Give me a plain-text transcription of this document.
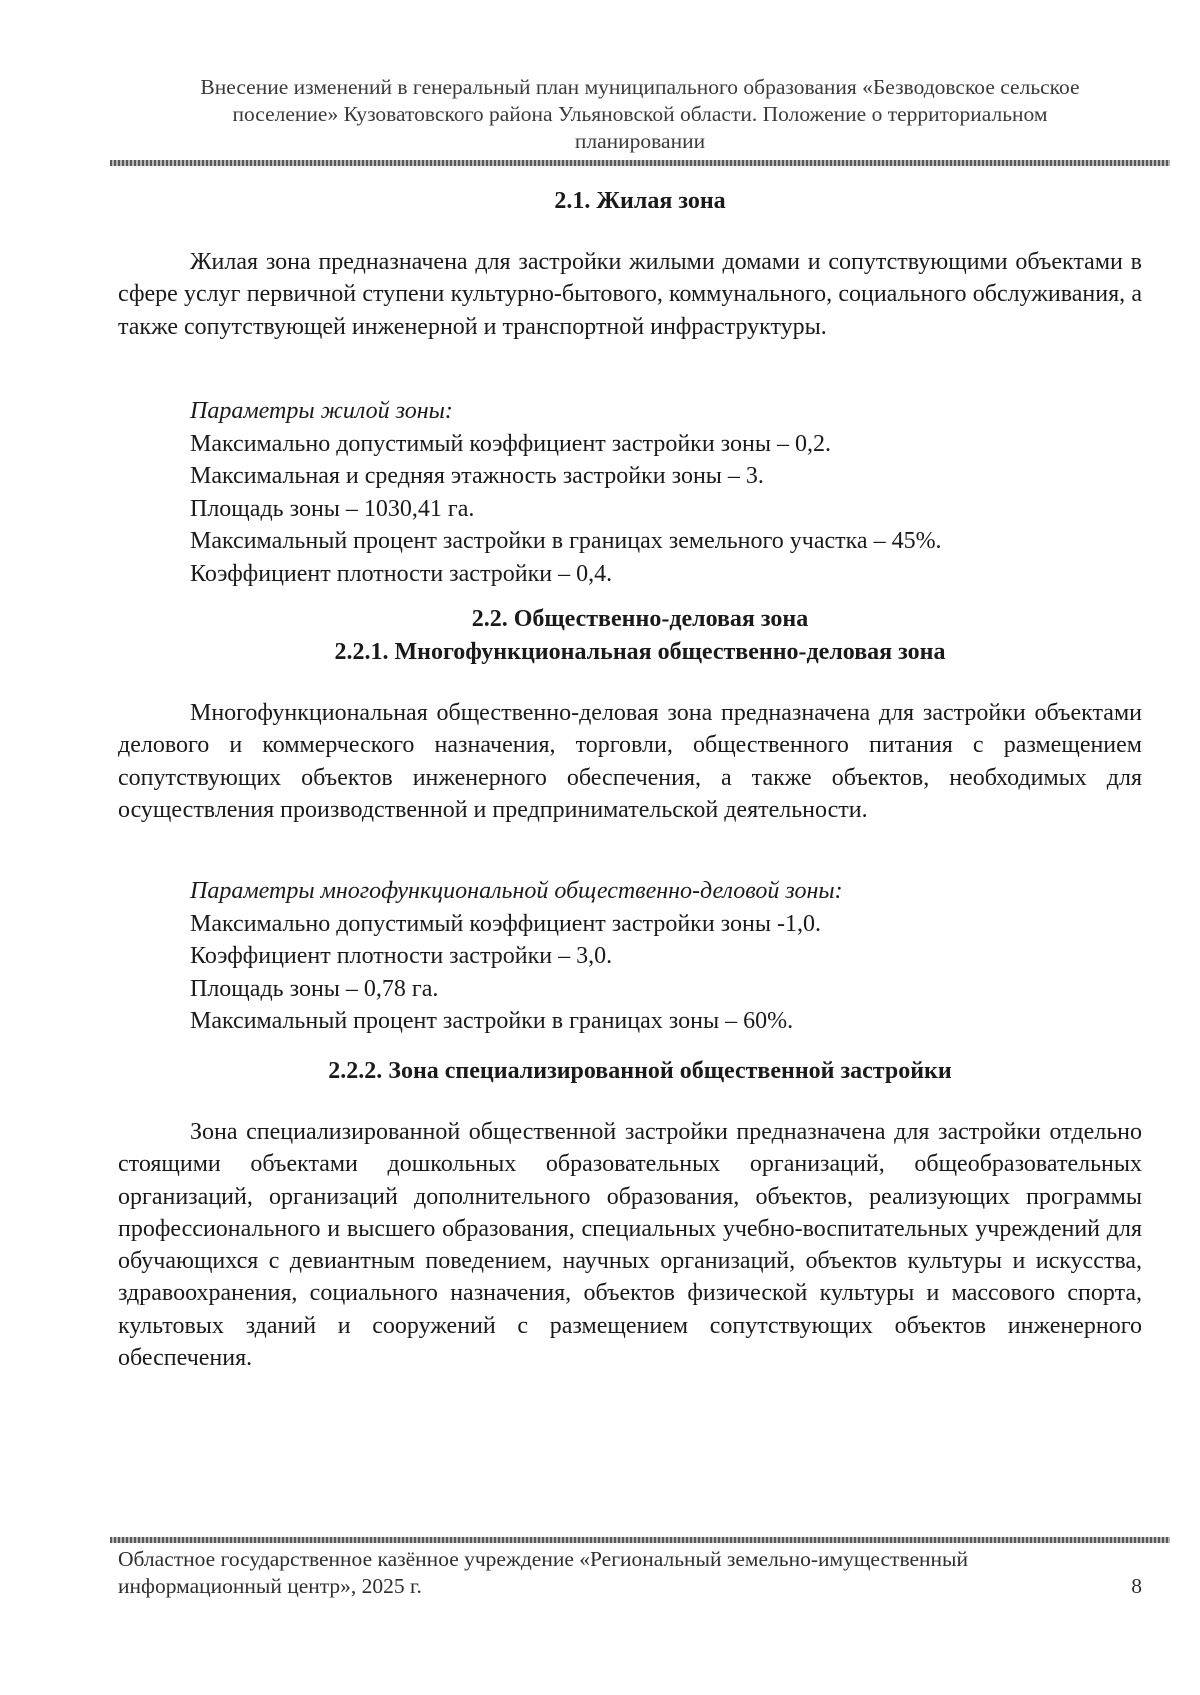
Внесение изменений в генеральный план муниципального образования «Безводовское сельское
поселение» Кузоватовского района Ульяновской области. Положение о территориальном
планировании
2.1. Жилая зона
Жилая зона предназначена для застройки жилыми домами и сопутствующими объектами в сфере услуг первичной ступени культурно-бытового, коммунального, социального обслуживания, а также сопутствующей инженерной и транспортной инфраструктуры.
Параметры жилой зоны:
Максимально допустимый коэффициент застройки зоны – 0,2.
Максимальная и средняя этажность застройки зоны – 3.
Площадь зоны – 1030,41 га.
Максимальный процент застройки в границах земельного участка – 45%.
Коэффициент плотности застройки – 0,4.
2.2. Общественно-деловая зона
2.2.1. Многофункциональная общественно-деловая зона
Многофункциональная общественно-деловая зона предназначена для застройки объектами делового и коммерческого назначения, торговли, общественного питания с размещением сопутствующих объектов инженерного обеспечения, а также объектов, необходимых для осуществления производственной и предпринимательской деятельности.
Параметры многофункциональной общественно-деловой зоны:
Максимально допустимый коэффициент застройки зоны -1,0.
Коэффициент плотности застройки – 3,0.
Площадь зоны – 0,78 га.
Максимальный процент застройки в границах зоны – 60%.
2.2.2. Зона специализированной общественной застройки
Зона специализированной общественной застройки предназначена для застройки отдельно стоящими объектами дошкольных образовательных организаций, общеобразовательных организаций, организаций дополнительного образования, объектов, реализующих программы профессионального и высшего образования, специальных учебно-воспитательных учреждений для обучающихся с девиантным поведением, научных организаций, объектов культуры и искусства, здравоохранения, социального назначения, объектов физической культуры и массового спорта, культовых зданий и сооружений с размещением сопутствующих объектов инженерного обеспечения.
Областное государственное казённое учреждение «Региональный земельно-имущественный
информационный центр», 2025 г.	8
